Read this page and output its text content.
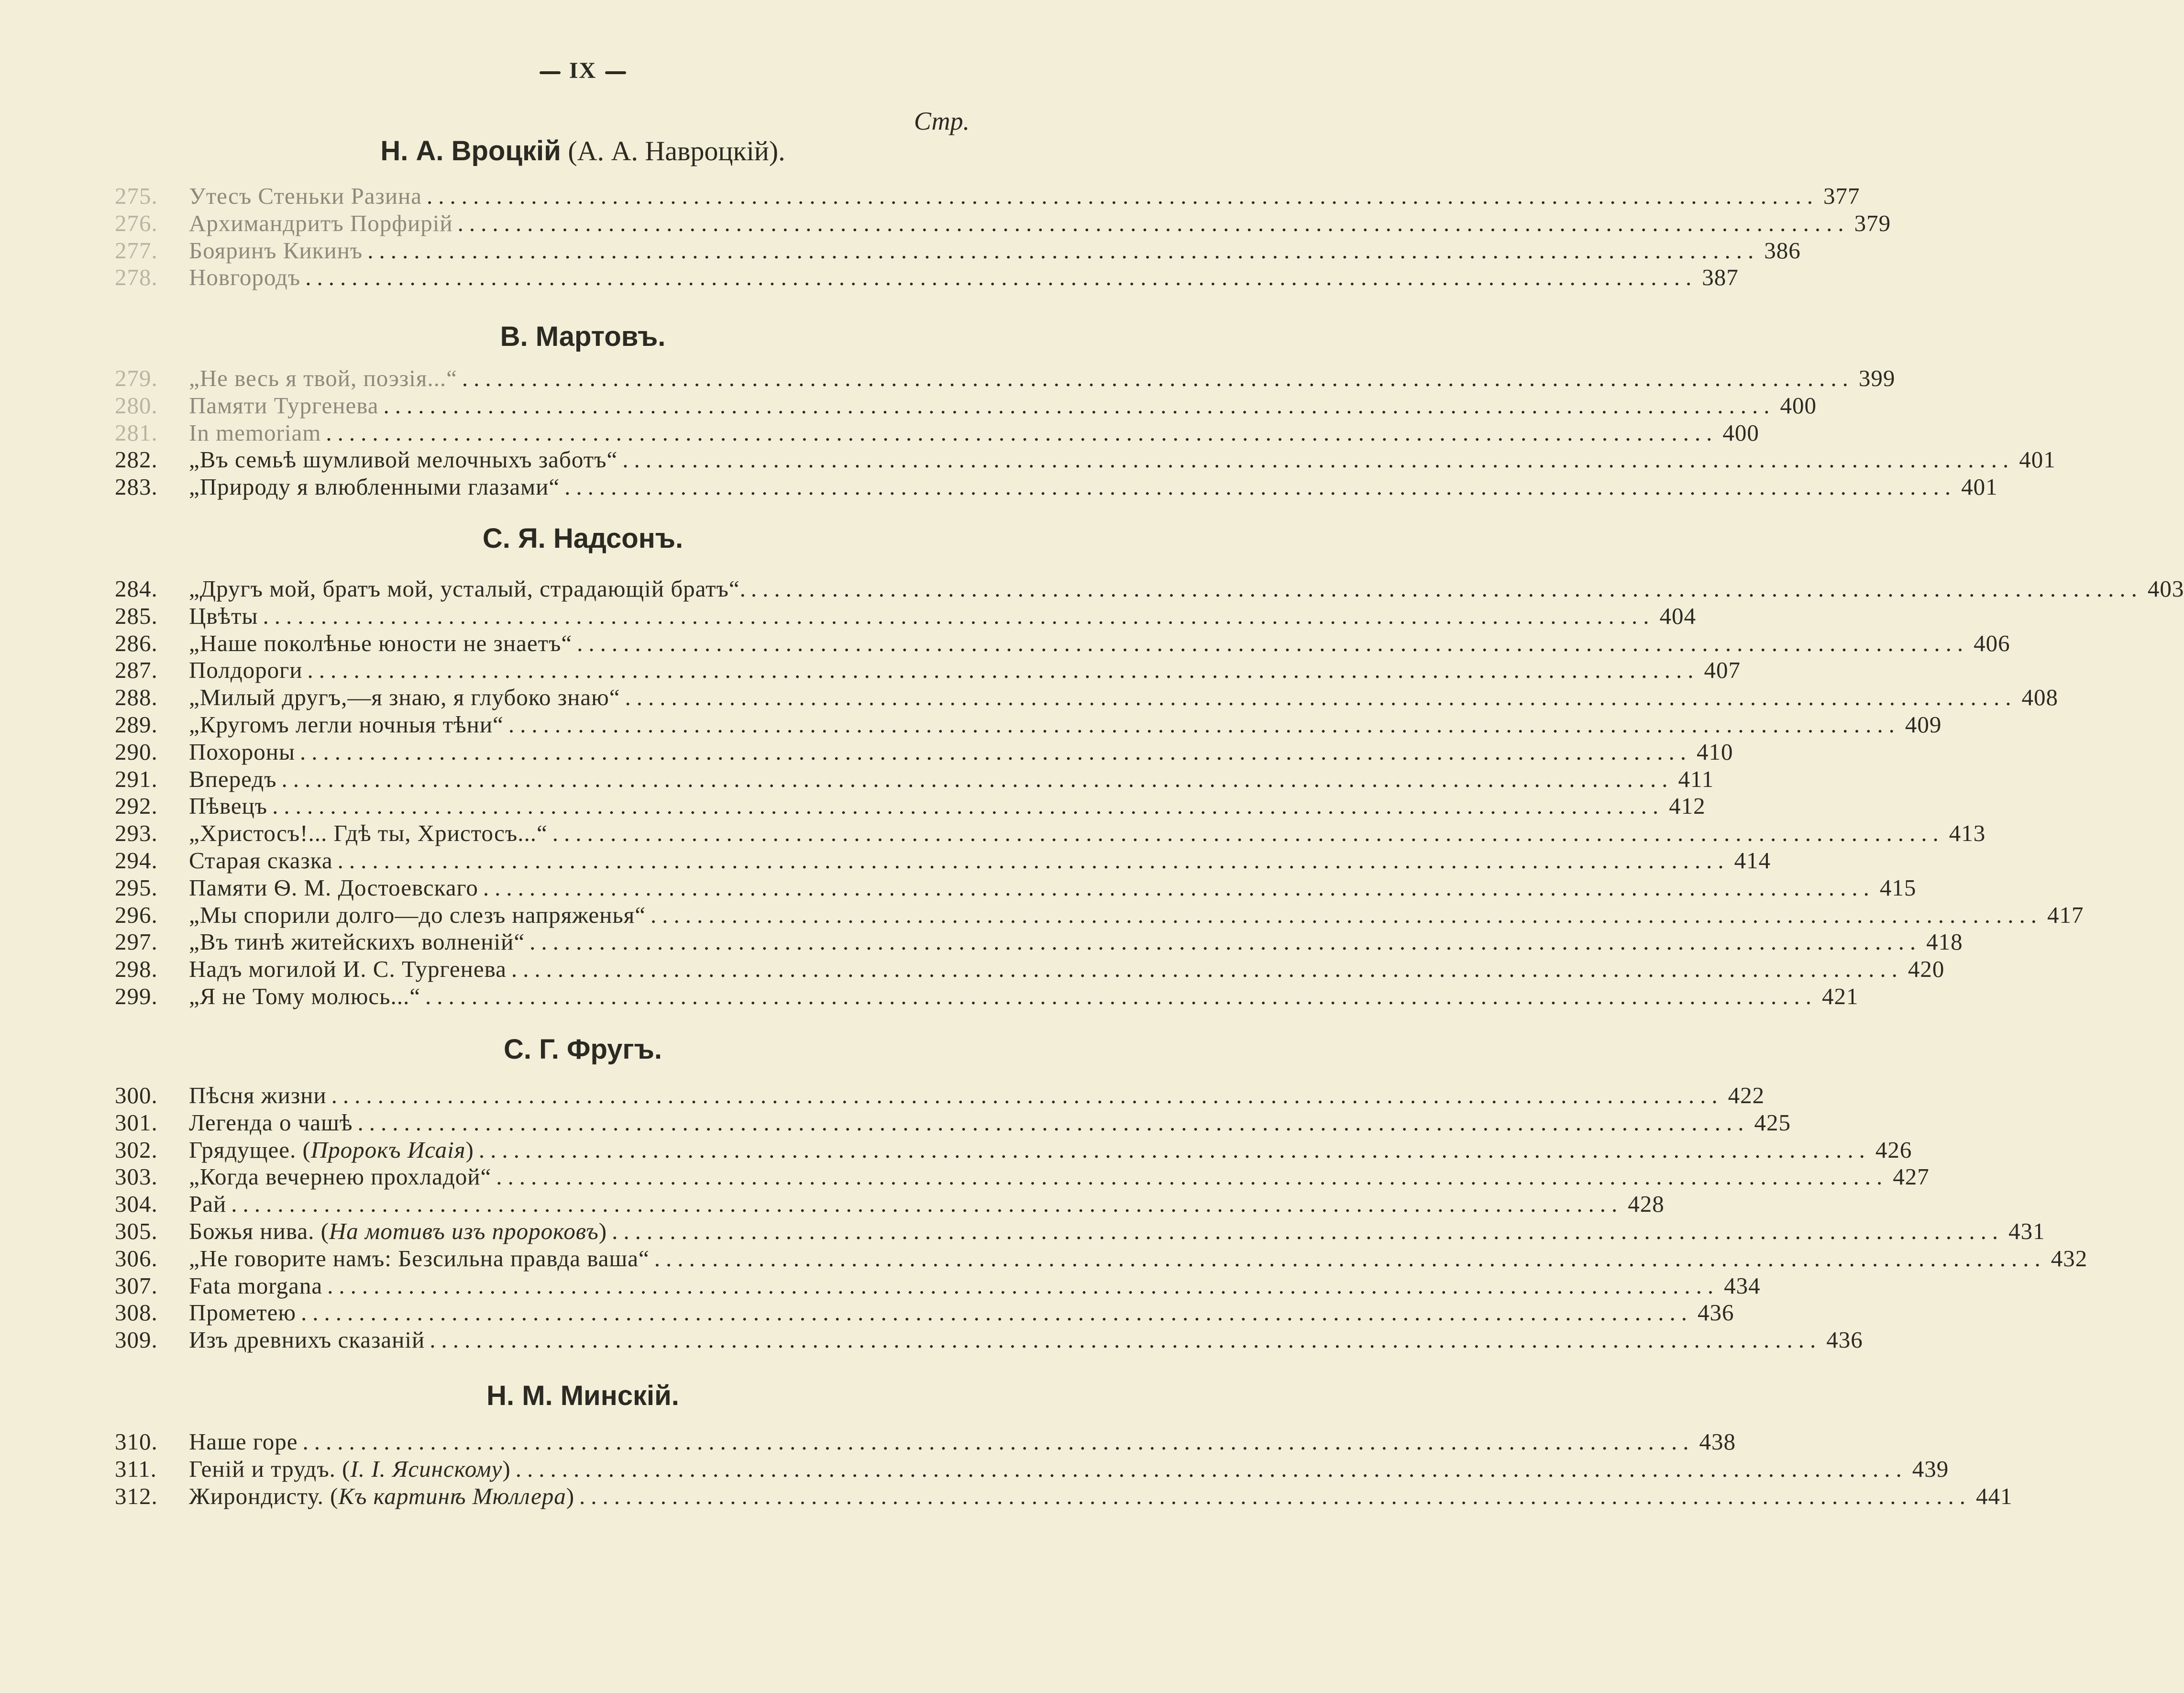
IX
Стр.
Н. А. Вроцкій (А. А. Навроцкій).
275.	Утесъ Стеньки Разина ........................................................................................................................ 377
276.	Архимандритъ Порфирій ........................................................................................................................ 379
277.	Бояринъ Кикинъ ........................................................................................................................ 386
278.	Новгородъ ........................................................................................................................ 387
В. Мартовъ.
279.	„Не весь я твой, поэзія...“ ........................................................................................................................ 399
280.	Памяти Тургенева ........................................................................................................................ 400
281.	In memoriam ........................................................................................................................ 400
282.	„Въ семьѣ шумливой мелочныхъ заботъ“ ........................................................................................................................ 401
283.	„Природу я влюбленными глазами“ ........................................................................................................................ 401
С. Я. Надсонъ.
284.	„Другъ мой, братъ мой, усталый, страдающій братъ“. ........................................................................................................................ 403
285.	Цвѣты ........................................................................................................................ 404
286.	„Наше поколѣнье юности не знаетъ“ ........................................................................................................................ 406
287.	Полдороги ........................................................................................................................ 407
288.	„Милый другъ,—я знаю, я глубоко знаю“ ........................................................................................................................ 408
289.	„Кругомъ легли ночныя тѣни“ ........................................................................................................................ 409
290.	Похороны ........................................................................................................................ 410
291.	Впередъ ........................................................................................................................ 411
292.	Пѣвецъ ........................................................................................................................ 412
293.	„Христосъ!... Гдѣ ты, Христосъ...“ ........................................................................................................................ 413
294.	Старая сказка ........................................................................................................................ 414
295.	Памяти Ѳ. М. Достоевскаго ........................................................................................................................ 415
296.	„Мы спорили долго—до слезъ напряженья“ ........................................................................................................................ 417
297.	„Въ тинѣ житейскихъ волненій“ ........................................................................................................................ 418
298.	Надъ могилой И. С. Тургенева ........................................................................................................................ 420
299.	„Я не Тому молюсь...“ ........................................................................................................................ 421
С. Г. Фругъ.
300.	Пѣсня жизни ........................................................................................................................ 422
301.	Легенда о чашѣ ........................................................................................................................ 425
302.	Грядущее. (Пророкъ Исаія) ........................................................................................................................ 426
303.	„Когда вечернею прохладой“ ........................................................................................................................ 427
304.	Рай ........................................................................................................................ 428
305.	Божья нива. (На мотивъ изъ пророковъ) ........................................................................................................................ 431
306.	„Не говорите намъ: Безсильна правда ваша“ ........................................................................................................................ 432
307.	Fata morgana ........................................................................................................................ 434
308.	Прометею ........................................................................................................................ 436
309.	Изъ древнихъ сказаній ........................................................................................................................ 436
Н. М. Минскій.
310.	Наше горе ........................................................................................................................ 438
311.	Геній и трудъ. (I. I. Ясинскому) ........................................................................................................................ 439
312.	Жирондисту. (Къ картинѣ Мюллера) ........................................................................................................................ 441
